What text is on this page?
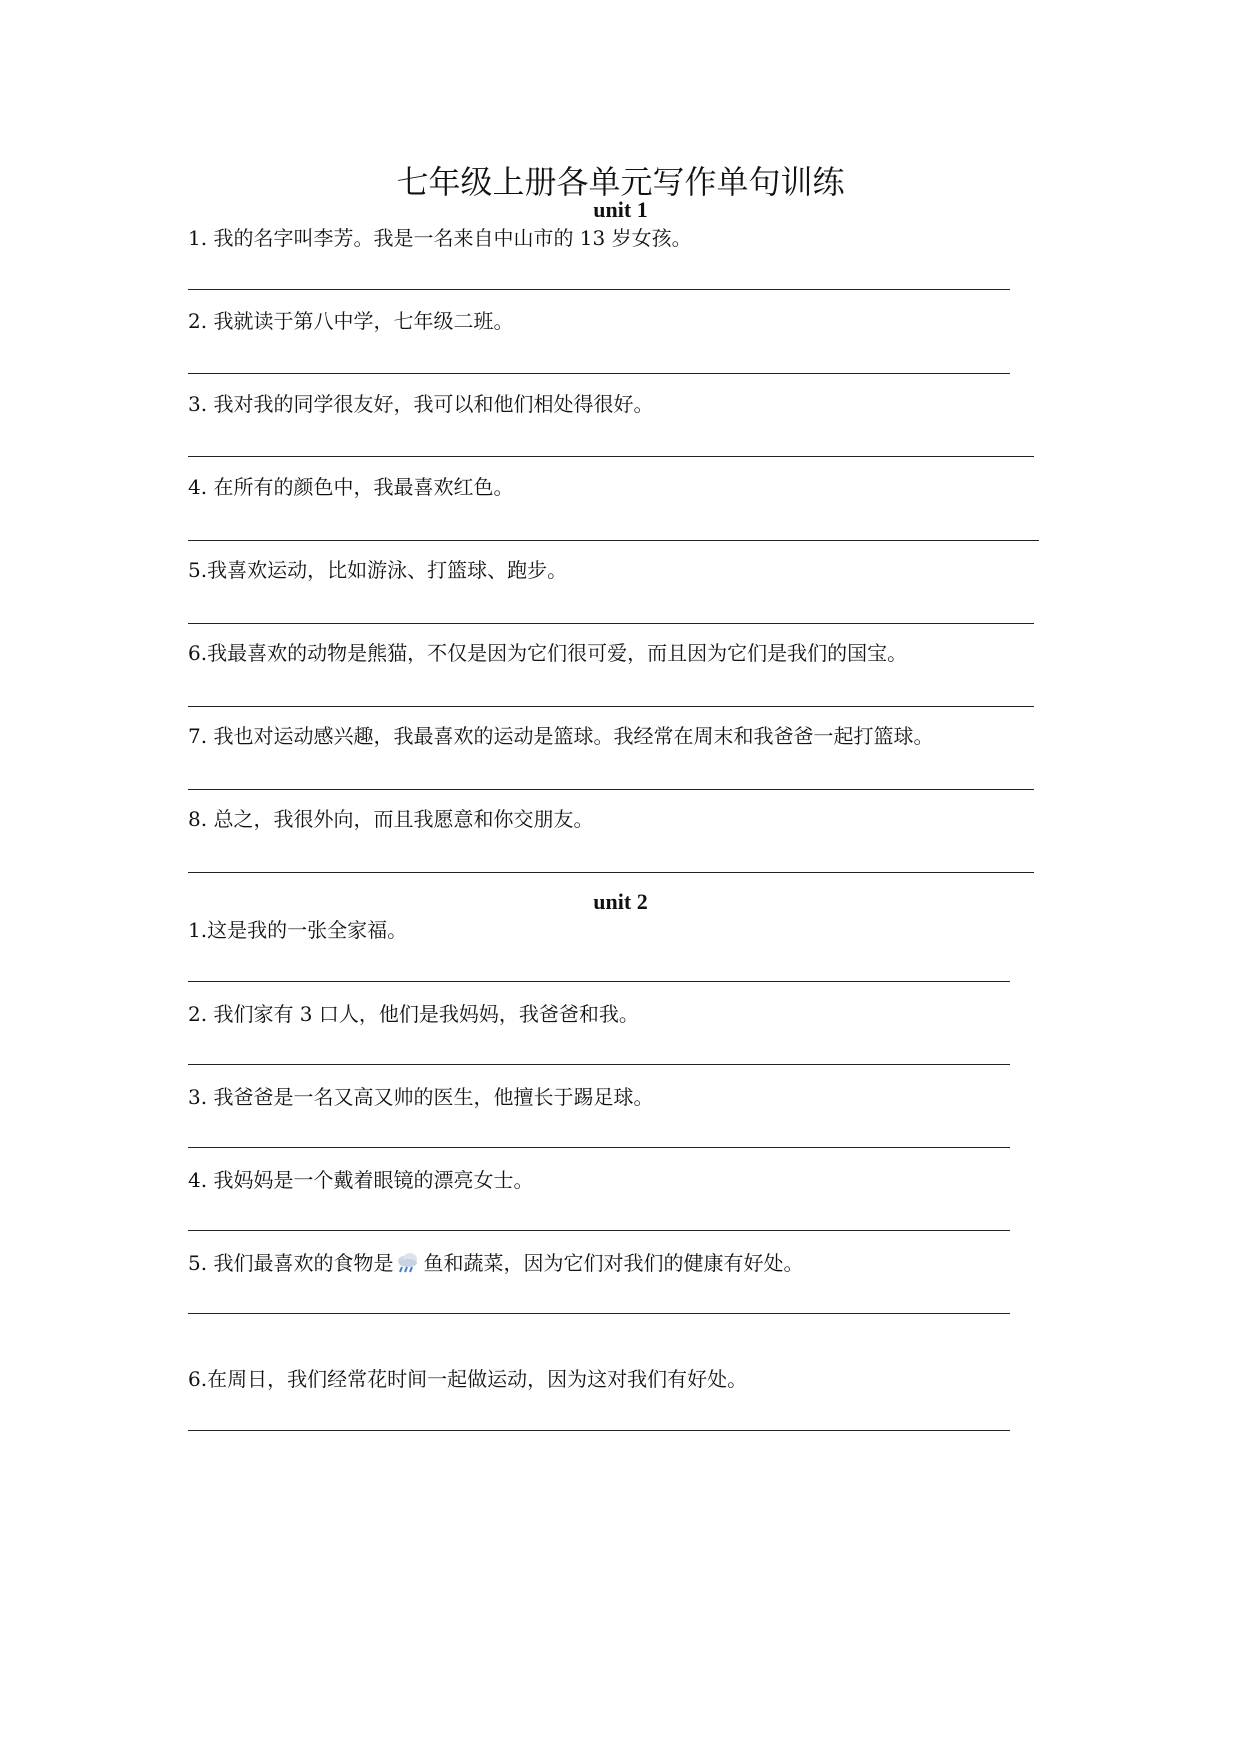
七年级上册各单元写作单句训练
unit 1

1. 我的名字叫李芳。我是一名来自中山市的 13 岁女孩。

2. 我就读于第八中学，七年级二班。

3. 我对我的同学很友好，我可以和他们相处得很好。

4. 在所有的颜色中，我最喜欢红色。

5.我喜欢运动，比如游泳、打篮球、跑步。

6.我最喜欢的动物是熊猫，不仅是因为它们很可爱，而且因为它们是我们的国宝。

7. 我也对运动感兴趣，我最喜欢的运动是篮球。我经常在周末和我爸爸一起打篮球。

8. 总之，我很外向，而且我愿意和你交朋友。

unit 2

1.这是我的一张全家福。

2. 我们家有 3 口人，他们是我妈妈，我爸爸和我。

3. 我爸爸是一名又高又帅的医生，他擅长于踢足球。

4. 我妈妈是一个戴着眼镜的漂亮女士。

5. 我们最喜欢的食物是 鱼和蔬菜，因为它们对我们的健康有好处。

6.在周日，我们经常花时间一起做运动，因为这对我们有好处。
